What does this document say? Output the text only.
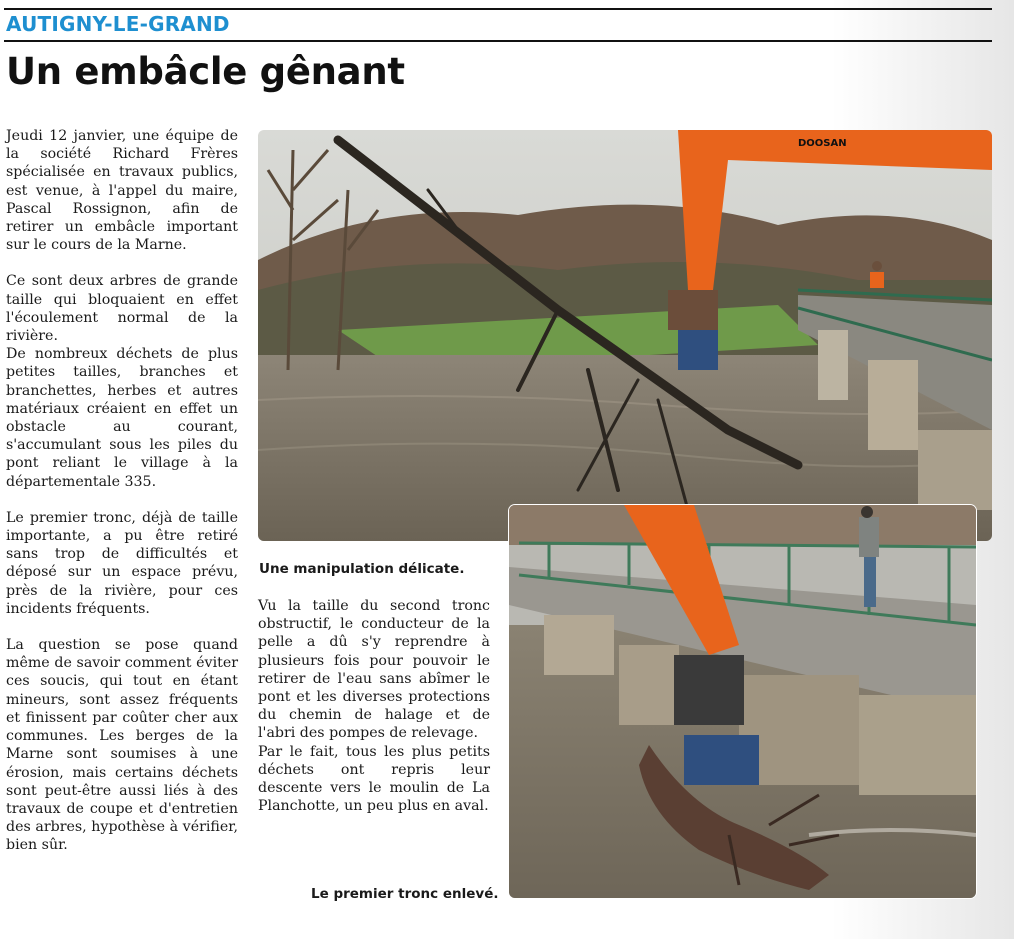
AUTIGNY-LE-GRAND
Un embâcle gênant

Jeudi 12 janvier, une équipe de la société Richard Frères spécialisée en travaux publics, est venue, à l'appel du maire, Pascal Rossignon, afin de retirer un embâcle important sur le cours de la Marne.

Ce sont deux arbres de grande taille qui bloquaient en effet l'écoulement normal de la rivière.

De nombreux déchets de plus petites tailles, branches et branchettes, herbes et autres matériaux créaient en effet un obstacle au courant, s'accumulant sous les piles du pont reliant le village à la départementale 335.

Le premier tronc, déjà de taille importante, a pu être retiré sans trop de difficultés et déposé sur un espace prévu, près de la rivière, pour ces incidents fréquents.

La question se pose quand même de savoir comment éviter ces soucis, qui tout en étant mineurs, sont assez fréquents et finissent par coûter cher aux communes. Les berges de la Marne sont soumises à une érosion, mais certains déchets sont peut-être aussi liés à des travaux de coupe et d'entretien des arbres, hypothèse à vérifier, bien sûr.

DOOSAN
Une manipulation délicate.

Vu la taille du second tronc obstructif, le conducteur de la pelle a dû s'y reprendre à plusieurs fois pour pouvoir le retirer de l'eau sans abîmer le pont et les diverses protections du chemin de halage et de l'abri des pompes de relevage.

Par le fait, tous les plus petits déchets ont repris leur descente vers le moulin de La Planchotte, un peu plus en aval.

Le premier tronc enlevé.
